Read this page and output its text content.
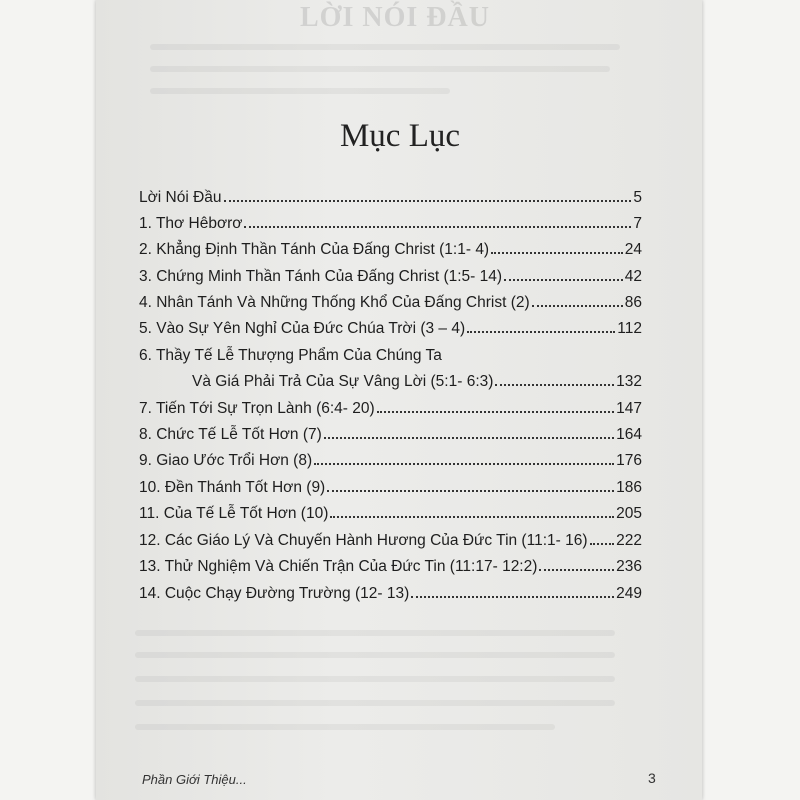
LỜI NÓI ĐẦU
Mục Lục
Lời Nói Đầu	5
1. Thơ Hêbơrơ	7
2. Khẳng Định Thần Tánh Của Đấng Christ (1:1- 4)	24
3. Chứng Minh Thần Tánh Của Đấng Christ (1:5- 14)	42
4. Nhân Tánh Và Những Thống Khổ Của Đấng Christ (2)	86
5. Vào Sự Yên Nghỉ Của Đức Chúa Trời (3 – 4)	112
6. Thầy Tế Lễ Thượng Phẩm Của Chúng Ta
Và Giá Phải Trả Của Sự Vâng Lời (5:1- 6:3)	132
7. Tiến Tới Sự Trọn Lành (6:4- 20)	147
8. Chức Tế Lễ Tốt Hơn (7)	164
9. Giao Ước Trổi Hơn (8)	176
10. Đền Thánh Tốt Hơn (9)	186
11. Của Tế Lễ Tốt Hơn (10)	205
12. Các Giáo Lý Và Chuyến Hành Hương Của Đức Tin (11:1- 16) 222
13. Thử Nghiệm Và Chiến Trận Của Đức Tin (11:17- 12:2)	236
14. Cuộc Chạy Đường Trường (12- 13)	249
Phần Giới Thiệu...	3
